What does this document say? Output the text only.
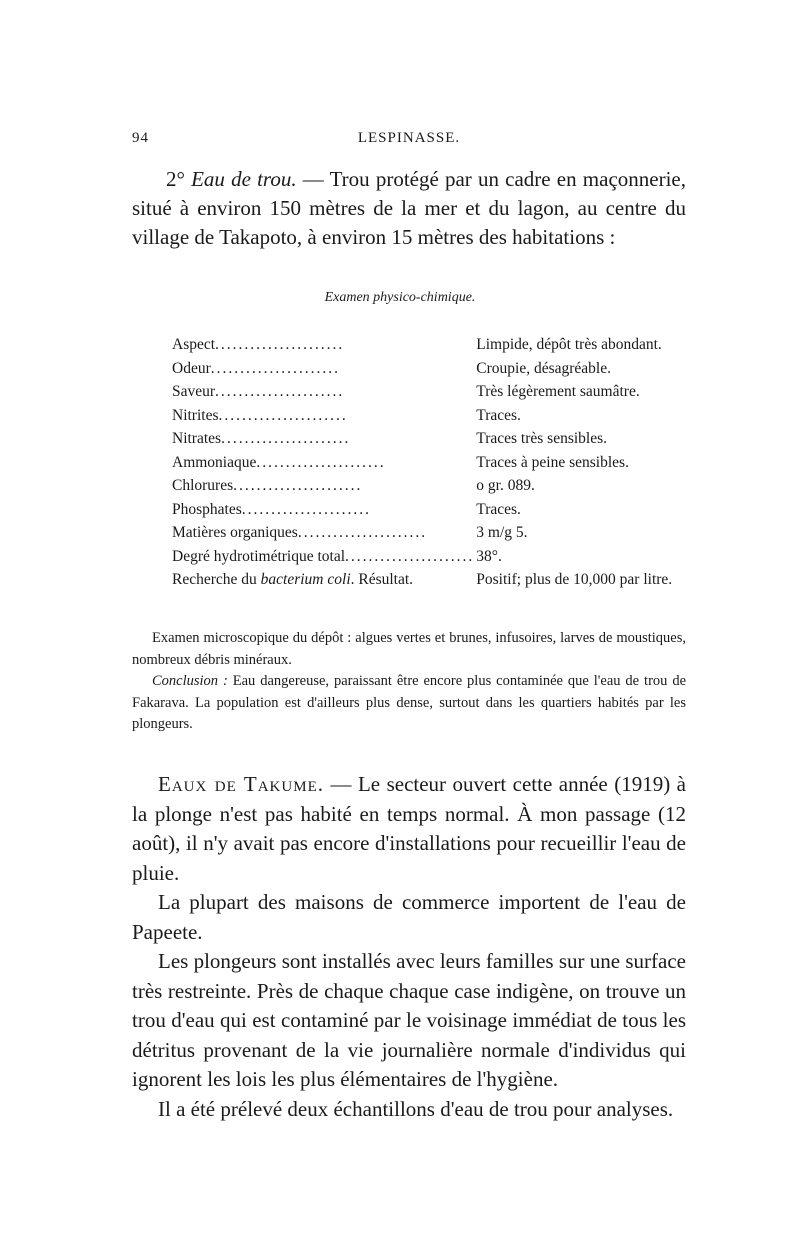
94	LESPINASSE.

2° Eau de trou. — Trou protégé par un cadre en maçonnerie, situé à environ 150 mètres de la mer et du lagon, au centre du village de Takapoto, à environ 15 mètres des habitations :

Examen physico-chimique.
Aspect......................	Limpide, dépôt très abondant.
Odeur......................	Croupie, désagréable.
Saveur......................	Très légèrement saumâtre.
Nitrites......................	Traces.
Nitrates......................	Traces très sensibles.
Ammoniaque......................	Traces à peine sensibles.
Chlorures......................	o gr. 089.
Phosphates......................	Traces.
Matières organiques......................	3 m/g 5.
Degré hydrotimétrique total......................	38°.
Recherche du bacterium coli. Résultat.	Positif; plus de 10,000 par litre.

Examen microscopique du dépôt : algues vertes et brunes, infusoires, larves de moustiques, nombreux débris minéraux.

Conclusion : Eau dangereuse, paraissant être encore plus contaminée que l'eau de trou de Fakarava. La population est d'ailleurs plus dense, surtout dans les quartiers habités par les plongeurs.

Eaux de Takume. — Le secteur ouvert cette année (1919) à la plonge n'est pas habité en temps normal. À mon passage (12 août), il n'y avait pas encore d'installations pour recueillir l'eau de pluie.

La plupart des maisons de commerce importent de l'eau de Papeete.

Les plongeurs sont installés avec leurs familles sur une surface très restreinte. Près de chaque chaque case indigène, on trouve un trou d'eau qui est contaminé par le voisinage immédiat de tous les détritus provenant de la vie journalière normale d'individus qui ignorent les lois les plus élémentaires de l'hygiène.

Il a été prélevé deux échantillons d'eau de trou pour analyses.
